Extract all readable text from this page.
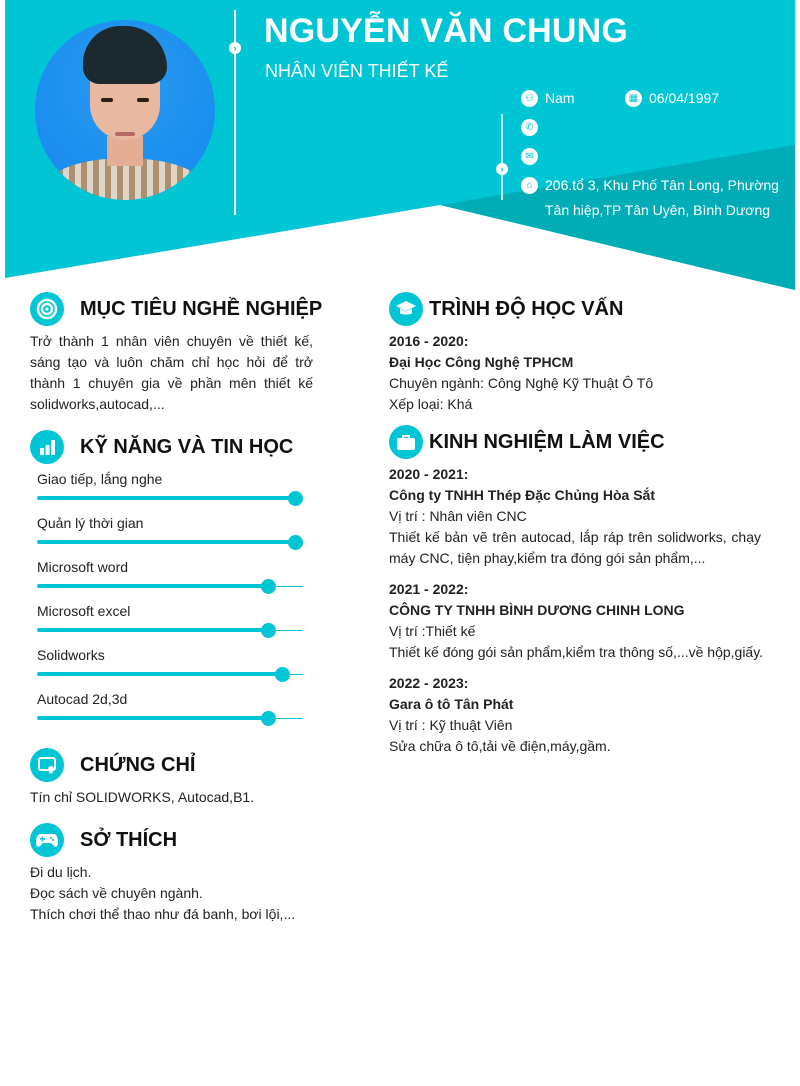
›
›
NGUYỄN VĂN CHUNG
NHÂN VIÊN THIẾT KẾ
⚇ Nam	▦ 06/04/1997
✆
✉
⌂ 206.tổ 3, Khu Phố Tân Long, Phường Tân hiệp,TP Tân Uyên, Bình Dương
MỤC TIÊU NGHỀ NGHIỆP
Trở thành 1 nhân viên chuyên về thiết kế, sáng tạo và luôn chăm chỉ học hỏi để trở thành 1 chuyên gia về phần mên thiết kế solidworks,autocad,...
KỸ NĂNG VÀ TIN HỌC
Giao tiếp, lắng nghe
Quản lý thời gian
Microsoft word
Microsoft excel
Solidworks
Autocad 2d,3d
CHỨNG CHỈ
Tín chỉ SOLIDWORKS, Autocad,B1.
SỞ THÍCH
Đi du lịch.
Đọc sách về chuyên ngành.
Thích chơi thể thao như đá banh, bơi lội,...
TRÌNH ĐỘ HỌC VẤN
2016 - 2020:
Đại Học Công Nghệ TPHCM
Chuyên ngành: Công Nghệ Kỹ Thuật Ô Tô
Xếp loại: Khá
KINH NGHIỆM LÀM VIỆC
2020 - 2021:
Công ty TNHH Thép Đặc Chủng Hòa Sắt
Vị trí : Nhân viên CNC
Thiết kế bản vẽ trên autocad, lắp ráp trên solidworks, chạy máy CNC, tiện phay,kiểm tra đóng gói sản phẩm,...
2021 - 2022:
CÔNG TY TNHH BÌNH DƯƠNG CHINH LONG
Vị trí :Thiết kế
Thiết kế đóng gói sản phẩm,kiểm tra thông số,...về hộp,giấy.
2022 - 2023:
Gara ô tô Tân Phát
Vị trí : Kỹ thuật Viên
Sửa chữa ô tô,tải về điện,máy,gầm.
